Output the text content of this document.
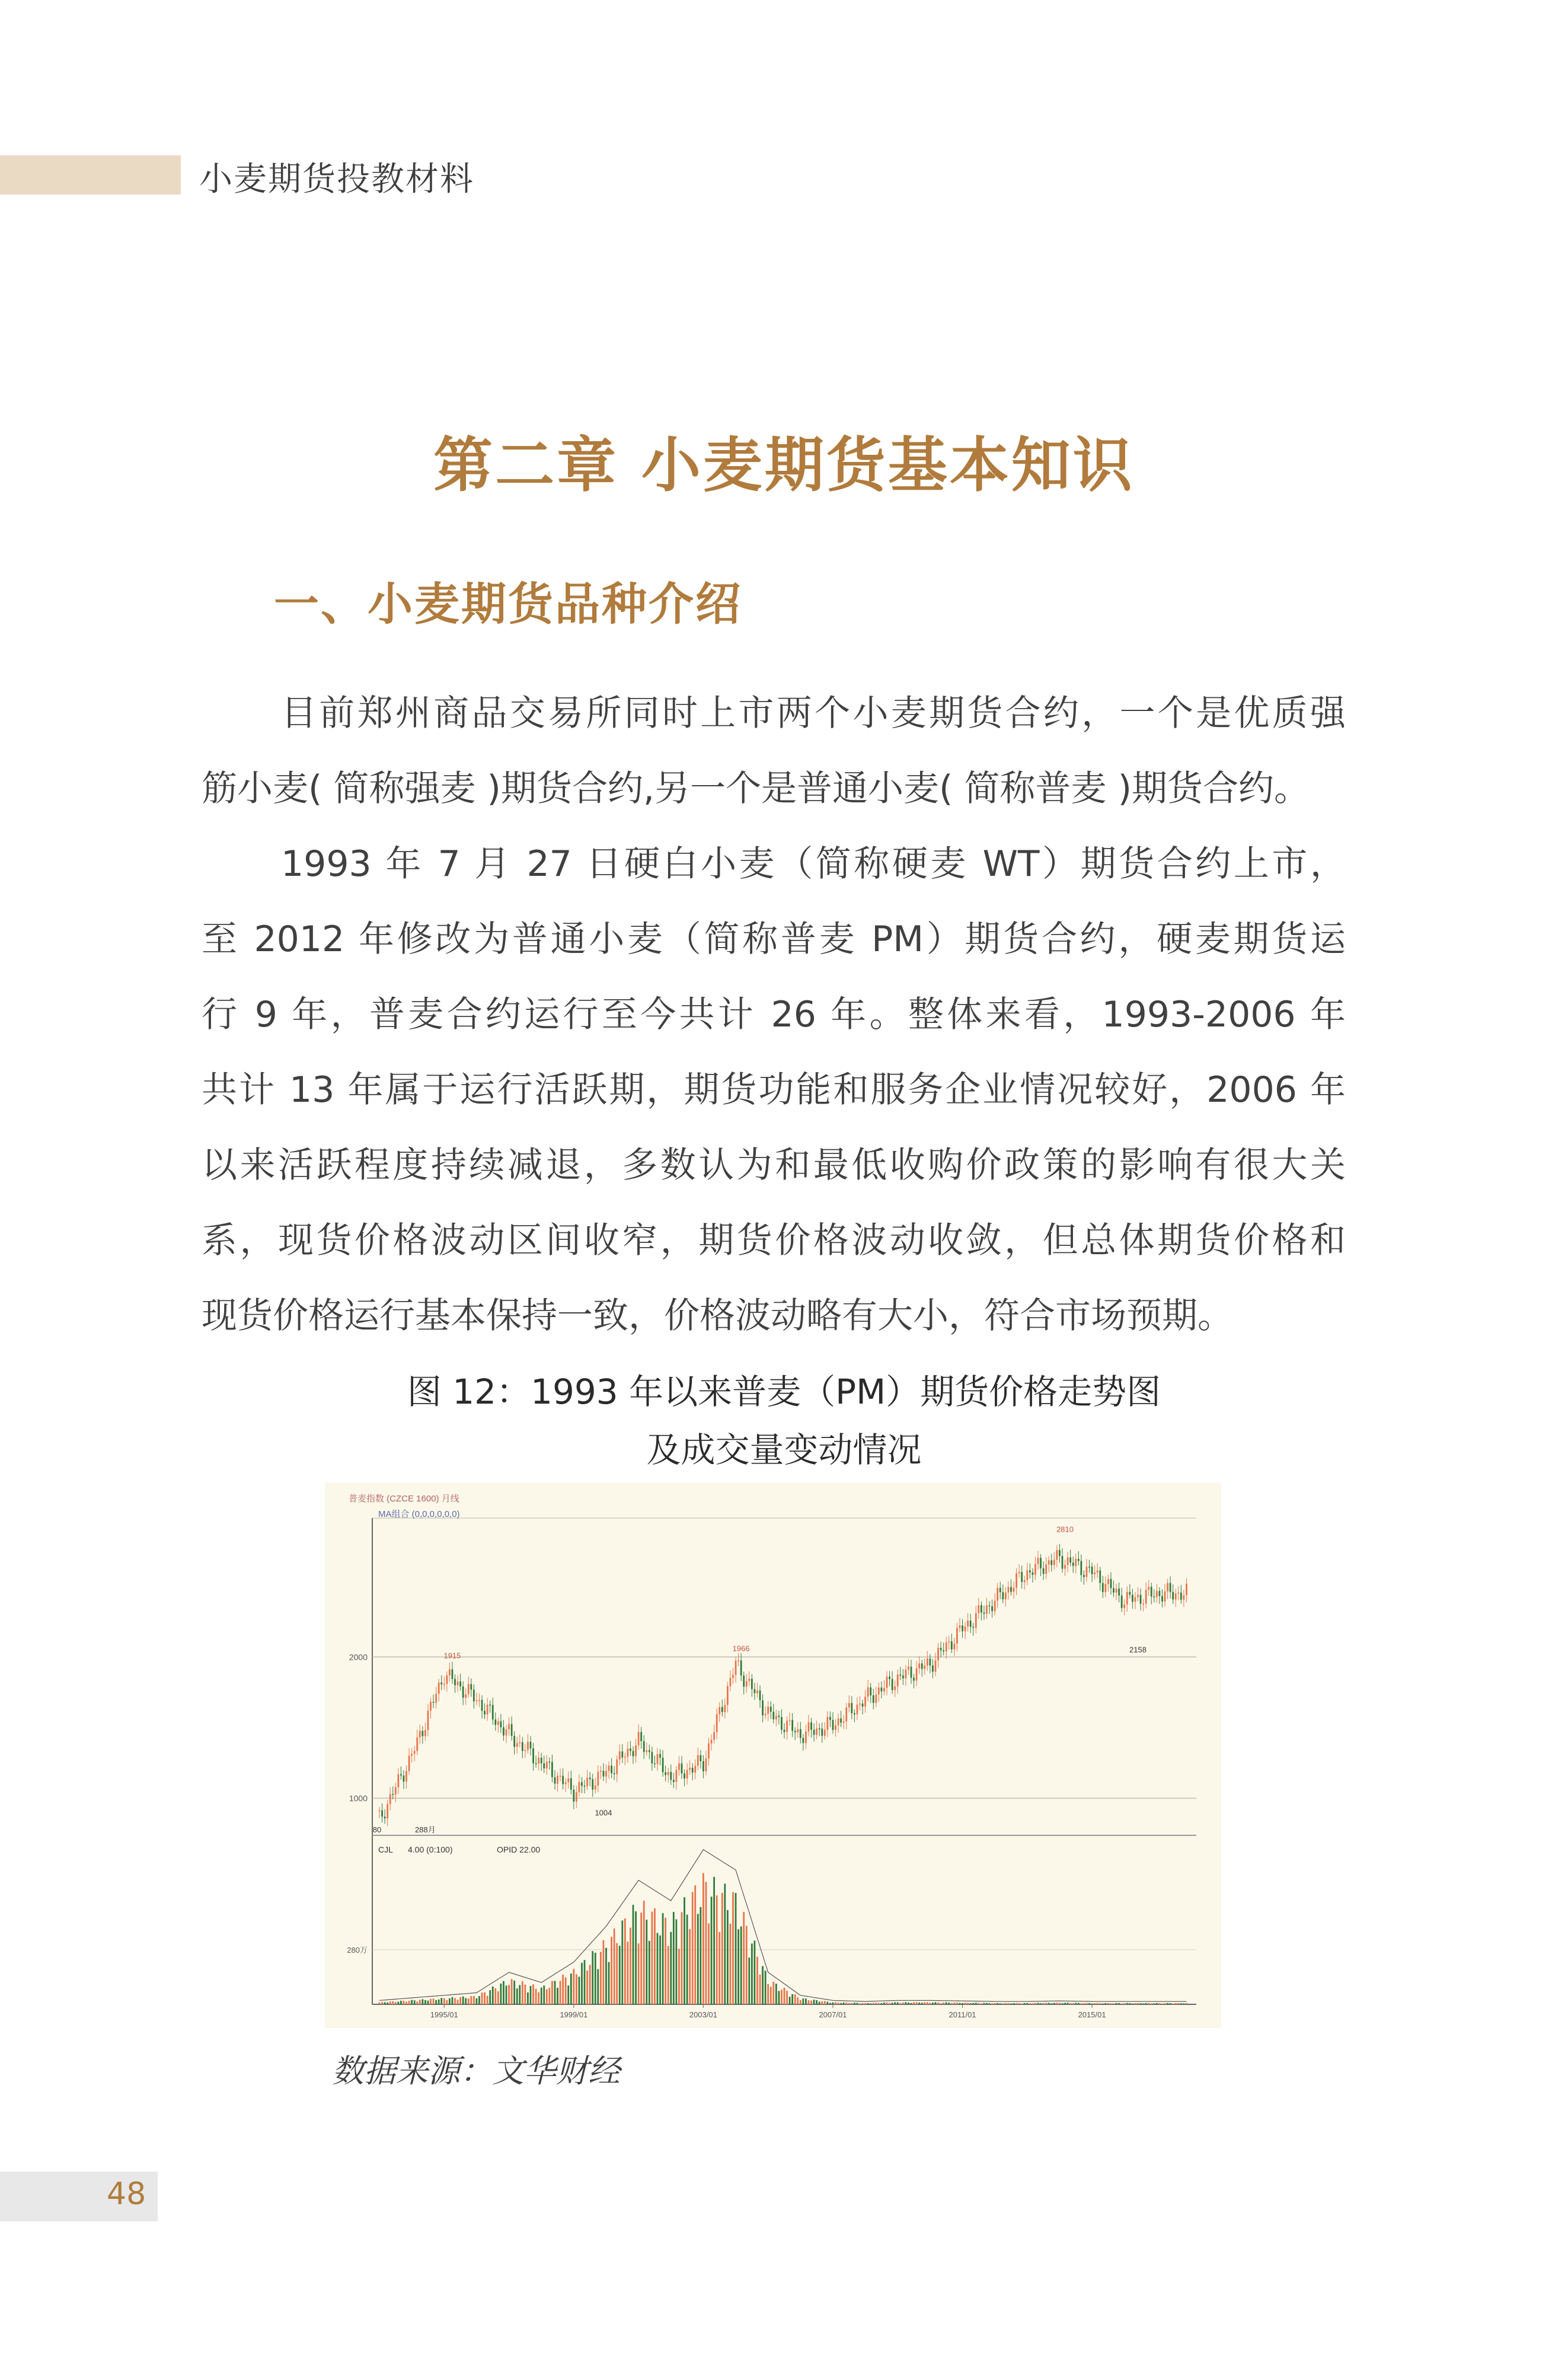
小麦期货投教材料
第二章 小麦期货基本知识
一、小麦期货品种介绍
目前郑州商品交易所同时上市两个小麦期货合约，一个是优质强
筋小麦( 简称强麦 )期货合约,另一个是普通小麦( 简称普麦 )期货合约。
1993 年 7 月 27 日硬白小麦（简称硬麦 WT）期货合约上市，
至 2012 年修改为普通小麦（简称普麦 PM）期货合约，硬麦期货运
行 9 年，普麦合约运行至今共计 26 年。整体来看，1993-2006 年
共计 13 年属于运行活跃期，期货功能和服务企业情况较好，2006 年
以来活跃程度持续减退，多数认为和最低收购价政策的影响有很大关
系，现货价格波动区间收窄，期货价格波动收敛，但总体期货价格和
现货价格运行基本保持一致，价格波动略有大小，符合市场预期。
图 12：1993 年以来普麦（PM）期货价格走势图
及成交量变动情况
普麦指数 (CZCE 1600) 月线
MA组合 (0,0,0,0,0,0)
CJL 4.00 (0:100)	OPID 22.00
2000
1000
280万
1995/01	1999/01	2003/01	2007/01	2011/01	2015/01
2810
1915
1966
1004
2158
80	288月
数据来源：文华财经
48
